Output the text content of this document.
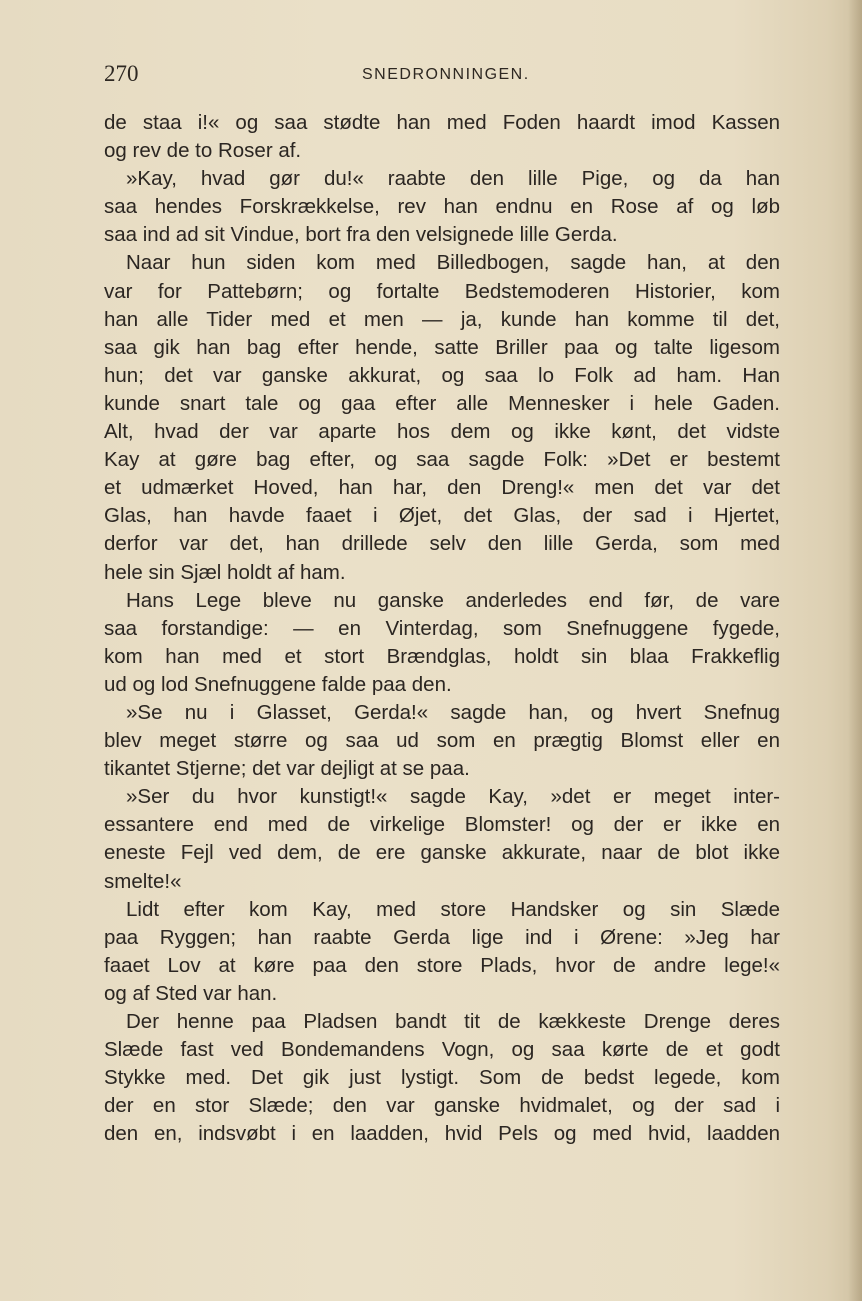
270	SNEDRONNINGEN.
de staa i!« og saa stødte han med Foden haardt imod Kassen
og rev de to Roser af.
»Kay, hvad gør du!« raabte den lille Pige, og da han
saa hendes Forskrækkelse, rev han endnu en Rose af og løb
saa ind ad sit Vindue, bort fra den velsignede lille Gerda.
Naar hun siden kom med Billedbogen, sagde han, at den
var for Pattebørn; og fortalte Bedstemoderen Historier, kom
han alle Tider med et men — ja, kunde han komme til det,
saa gik han bag efter hende, satte Briller paa og talte ligesom
hun; det var ganske akkurat, og saa lo Folk ad ham. Han
kunde snart tale og gaa efter alle Mennesker i hele Gaden.
Alt, hvad der var aparte hos dem og ikke kønt, det vidste
Kay at gøre bag efter, og saa sagde Folk: »Det er bestemt
et udmærket Hoved, han har, den Dreng!« men det var det
Glas, han havde faaet i Øjet, det Glas, der sad i Hjertet,
derfor var det, han drillede selv den lille Gerda, som med
hele sin Sjæl holdt af ham.
Hans Lege bleve nu ganske anderledes end før, de vare
saa forstandige: — en Vinterdag, som Snefnuggene fygede,
kom han med et stort Brændglas, holdt sin blaa Frakkeflig
ud og lod Snefnuggene falde paa den.
»Se nu i Glasset, Gerda!« sagde han, og hvert Snefnug
blev meget større og saa ud som en prægtig Blomst eller en
tikantet Stjerne; det var dejligt at se paa.
»Ser du hvor kunstigt!« sagde Kay, »det er meget inter-
essantere end med de virkelige Blomster! og der er ikke en
eneste Fejl ved dem, de ere ganske akkurate, naar de blot ikke
smelte!«
Lidt efter kom Kay, med store Handsker og sin Slæde
paa Ryggen; han raabte Gerda lige ind i Ørene: »Jeg har
faaet Lov at køre paa den store Plads, hvor de andre lege!«
og af Sted var han.
Der henne paa Pladsen bandt tit de kækkeste Drenge deres
Slæde fast ved Bondemandens Vogn, og saa kørte de et godt
Stykke med. Det gik just lystigt. Som de bedst legede, kom
der en stor Slæde; den var ganske hvidmalet, og der sad i
den en, indsvøbt i en laadden, hvid Pels og med hvid, laadden
